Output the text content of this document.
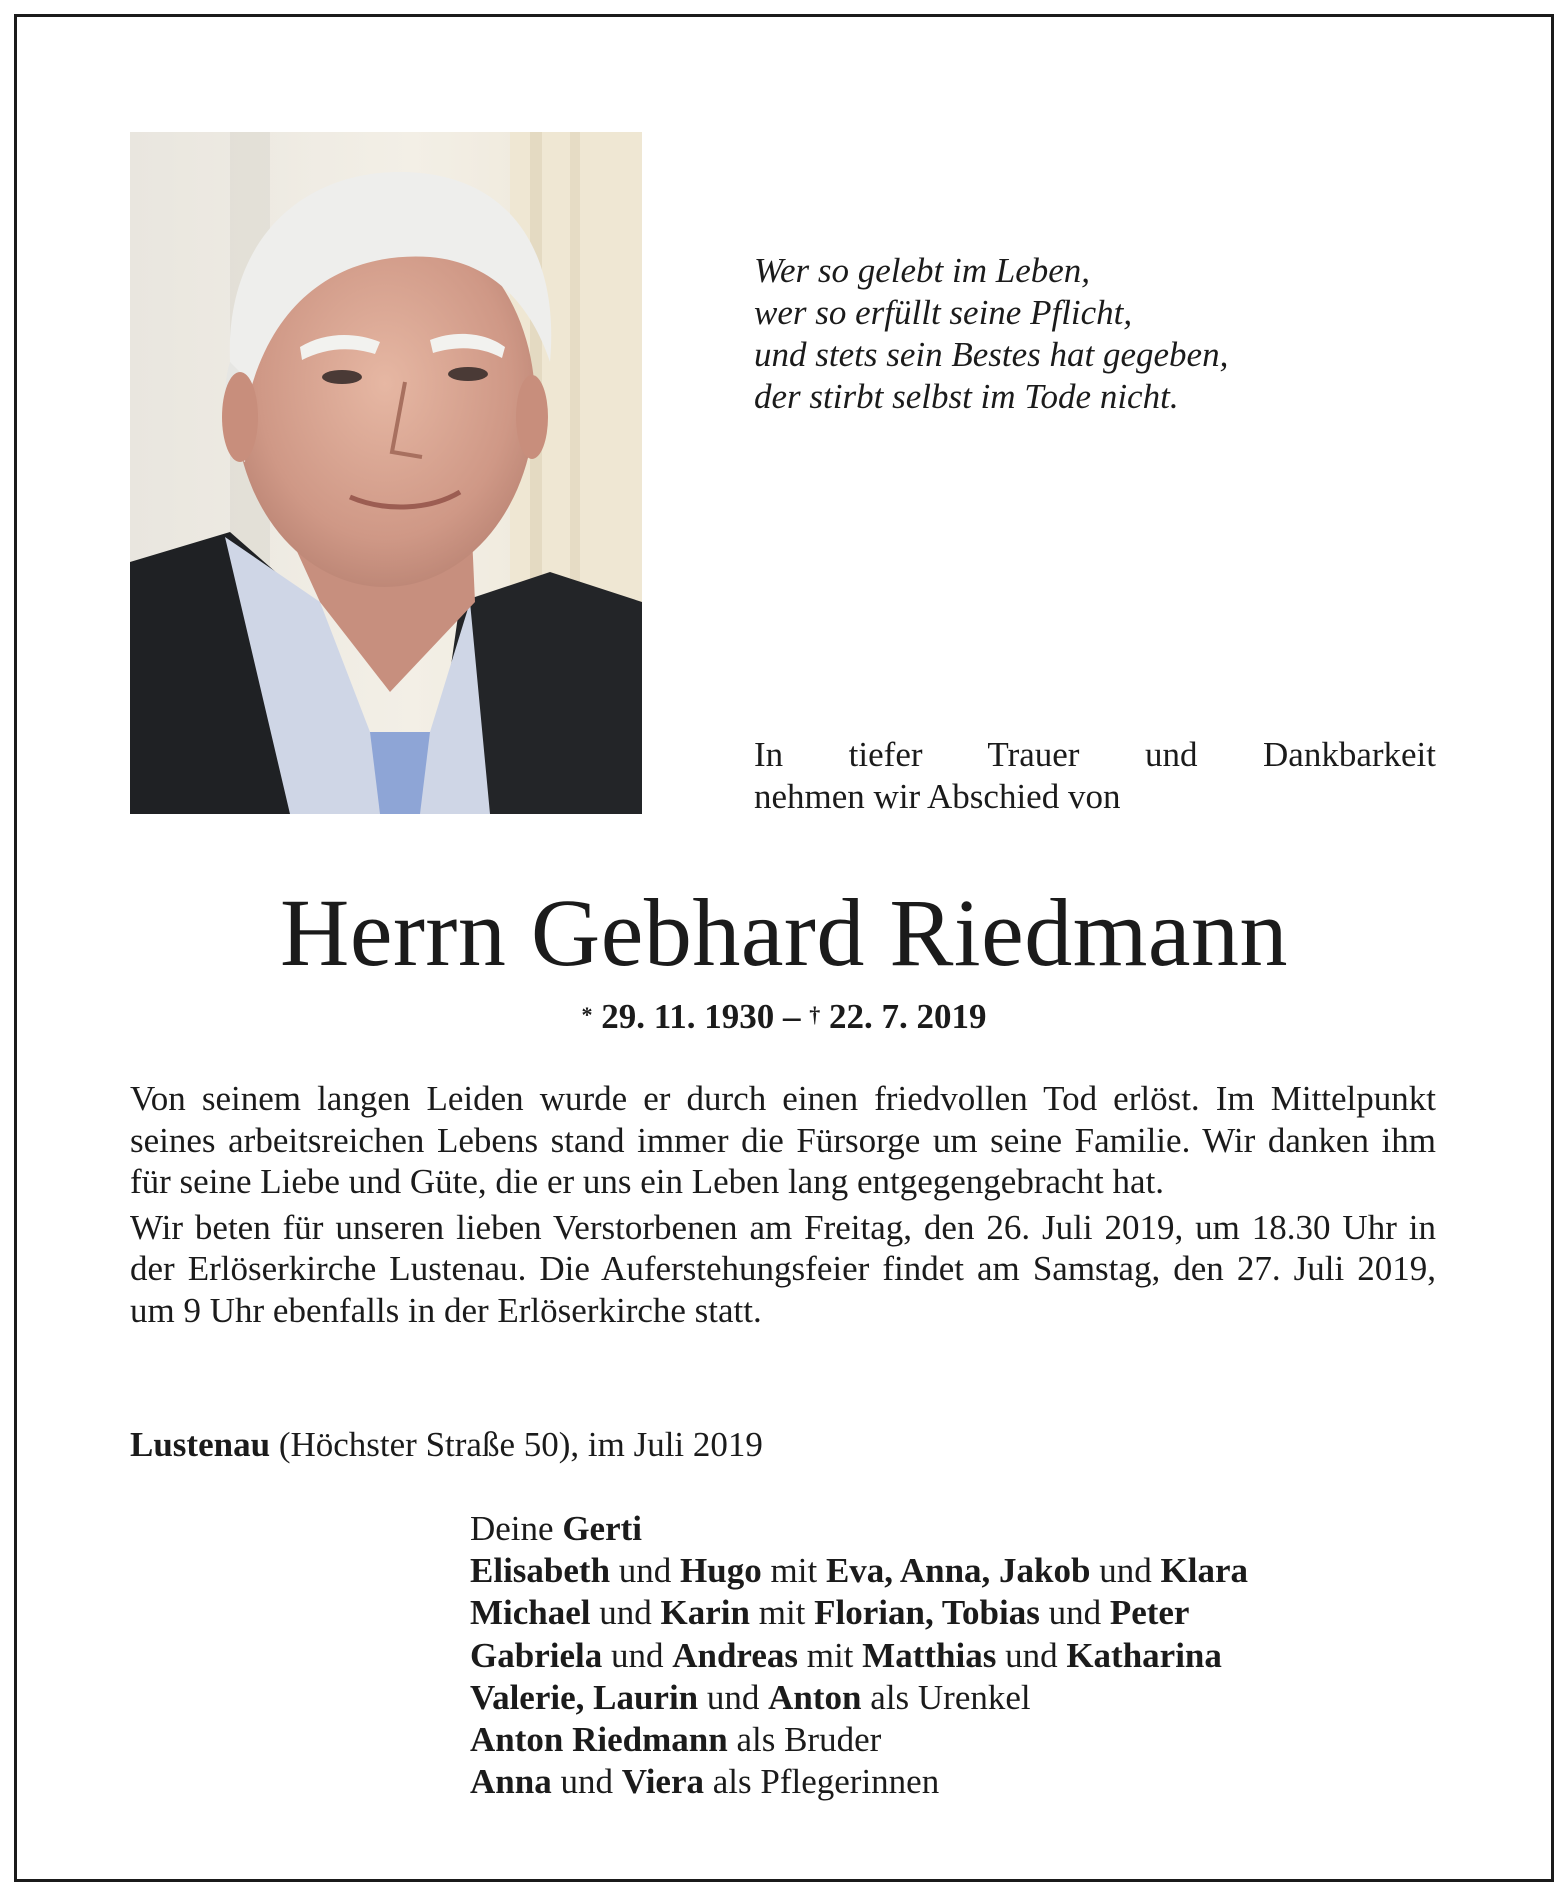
Wer so gelebt im Leben,
wer so erfüllt seine Pflicht,
und stets sein Bestes hat gegeben,
der stirbt selbst im Tode nicht.
In tiefer Trauer und Dankbarkeit
nehmen wir Abschied von
Herrn Gebhard Riedmann
* 29. 11. 1930 – † 22. 7. 2019

Von seinem langen Leiden wurde er durch einen friedvollen Tod erlöst. Im Mittelpunkt seines arbeitsreichen Lebens stand immer die Fürsorge um seine Familie. Wir danken ihm für seine Liebe und Güte, die er uns ein Leben lang entgegengebracht hat.

Wir beten für unseren lieben Verstorbenen am Freitag, den 26. Juli 2019, um 18.30 Uhr in der Erlöserkirche Lustenau. Die Auferstehungsfeier findet am Samstag, den 27. Juli 2019, um 9 Uhr ebenfalls in der Erlöserkirche statt.

Lustenau (Höchster Straße 50), im Juli 2019
Deine Gerti
Elisabeth und Hugo mit Eva, Anna, Jakob und Klara
Michael und Karin mit Florian, Tobias und Peter
Gabriela und Andreas mit Matthias und Katharina
Valerie, Laurin und Anton als Urenkel
Anton Riedmann als Bruder
Anna und Viera als Pflegerinnen
